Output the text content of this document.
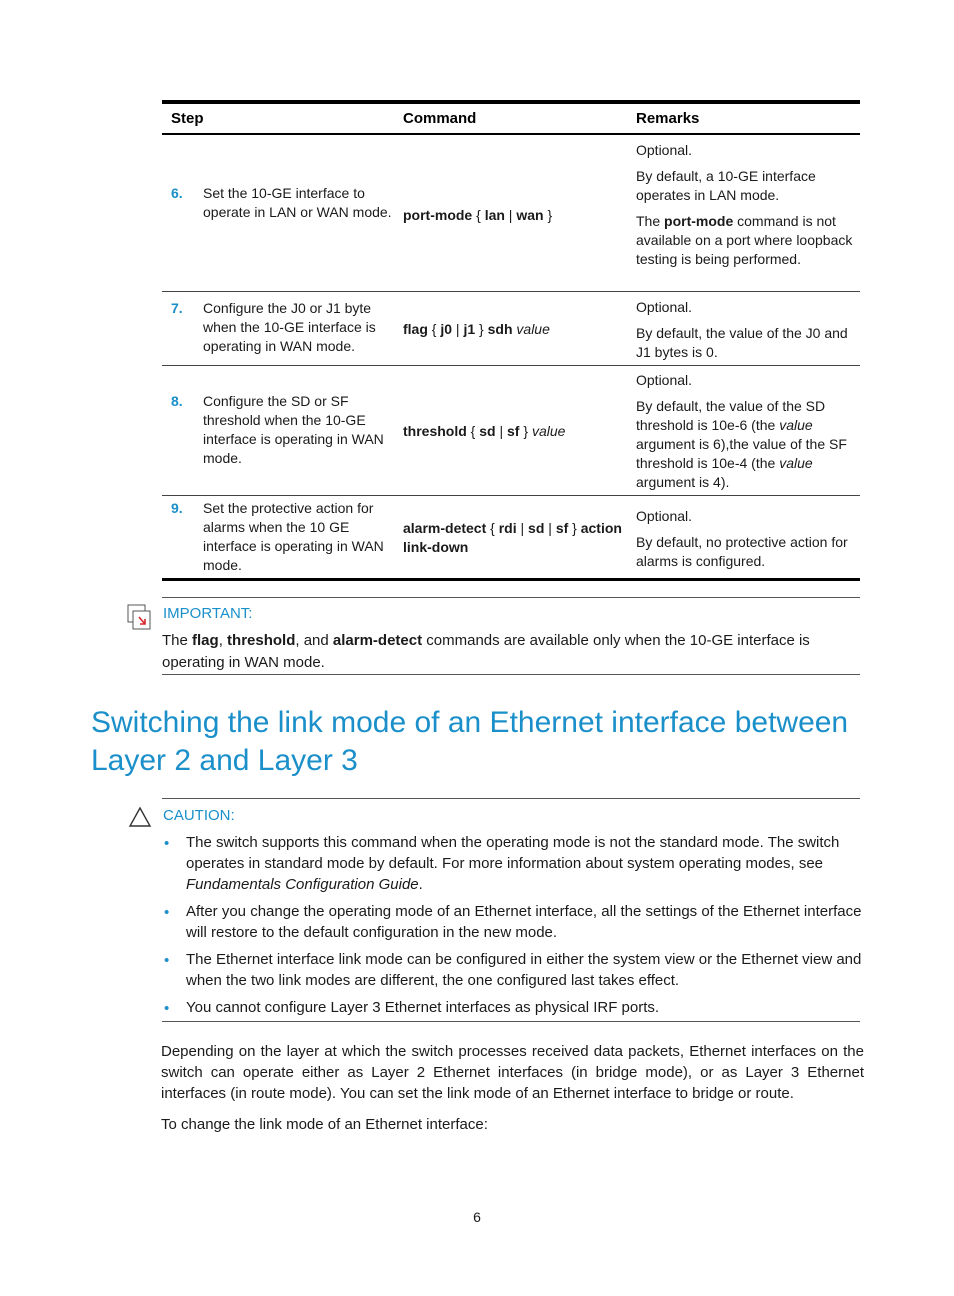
Step	Command	Remarks
6. Set the 10-GE interface to operate in LAN or WAN mode. port-mode { lan | wan }

Optional.

By default, a 10-GE interface operates in LAN mode.

The port-mode command is not available on a port where loopback testing is being performed.

7. Configure the J0 or J1 byte when the 10-GE interface is operating in WAN mode.
flag { j0 | j1 } sdh value

Optional.

By default, the value of the J0 and J1 bytes is 0.

8. Configure the SD or SF threshold when the 10-GE interface is operating in WAN mode.
threshold { sd | sf } value

Optional.

By default, the value of the SD threshold is 10e-6 (the value argument is 6),the value of the SF threshold is 10e-4 (the value argument is 4).

9. Set the protective action for alarms when the 10 GE interface is operating in WAN mode.
alarm-detect { rdi | sd | sf } action link-down

Optional.

By default, no protective action for alarms is configured.

IMPORTANT:
The flag, threshold, and alarm-detect commands are available only when the 10-GE interface is operating in WAN mode.
Switching the link mode of an Ethernet interface between Layer 2 and Layer 3
CAUTION:
• The switch supports this command when the operating mode is not the standard mode. The switch operates in standard mode by default. For more information about system operating modes, see Fundamentals Configuration Guide.
• After you change the operating mode of an Ethernet interface, all the settings of the Ethernet interface will restore to the default configuration in the new mode.
• The Ethernet interface link mode can be configured in either the system view or the Ethernet view and when the two link modes are different, the one configured last takes effect.
• You cannot configure Layer 3 Ethernet interfaces as physical IRF ports.
Depending on the layer at which the switch processes received data packets, Ethernet interfaces on the switch can operate either as Layer 2 Ethernet interfaces (in bridge mode), or as Layer 3 Ethernet interfaces (in route mode). You can set the link mode of an Ethernet interface to bridge or route.
To change the link mode of an Ethernet interface:
6
